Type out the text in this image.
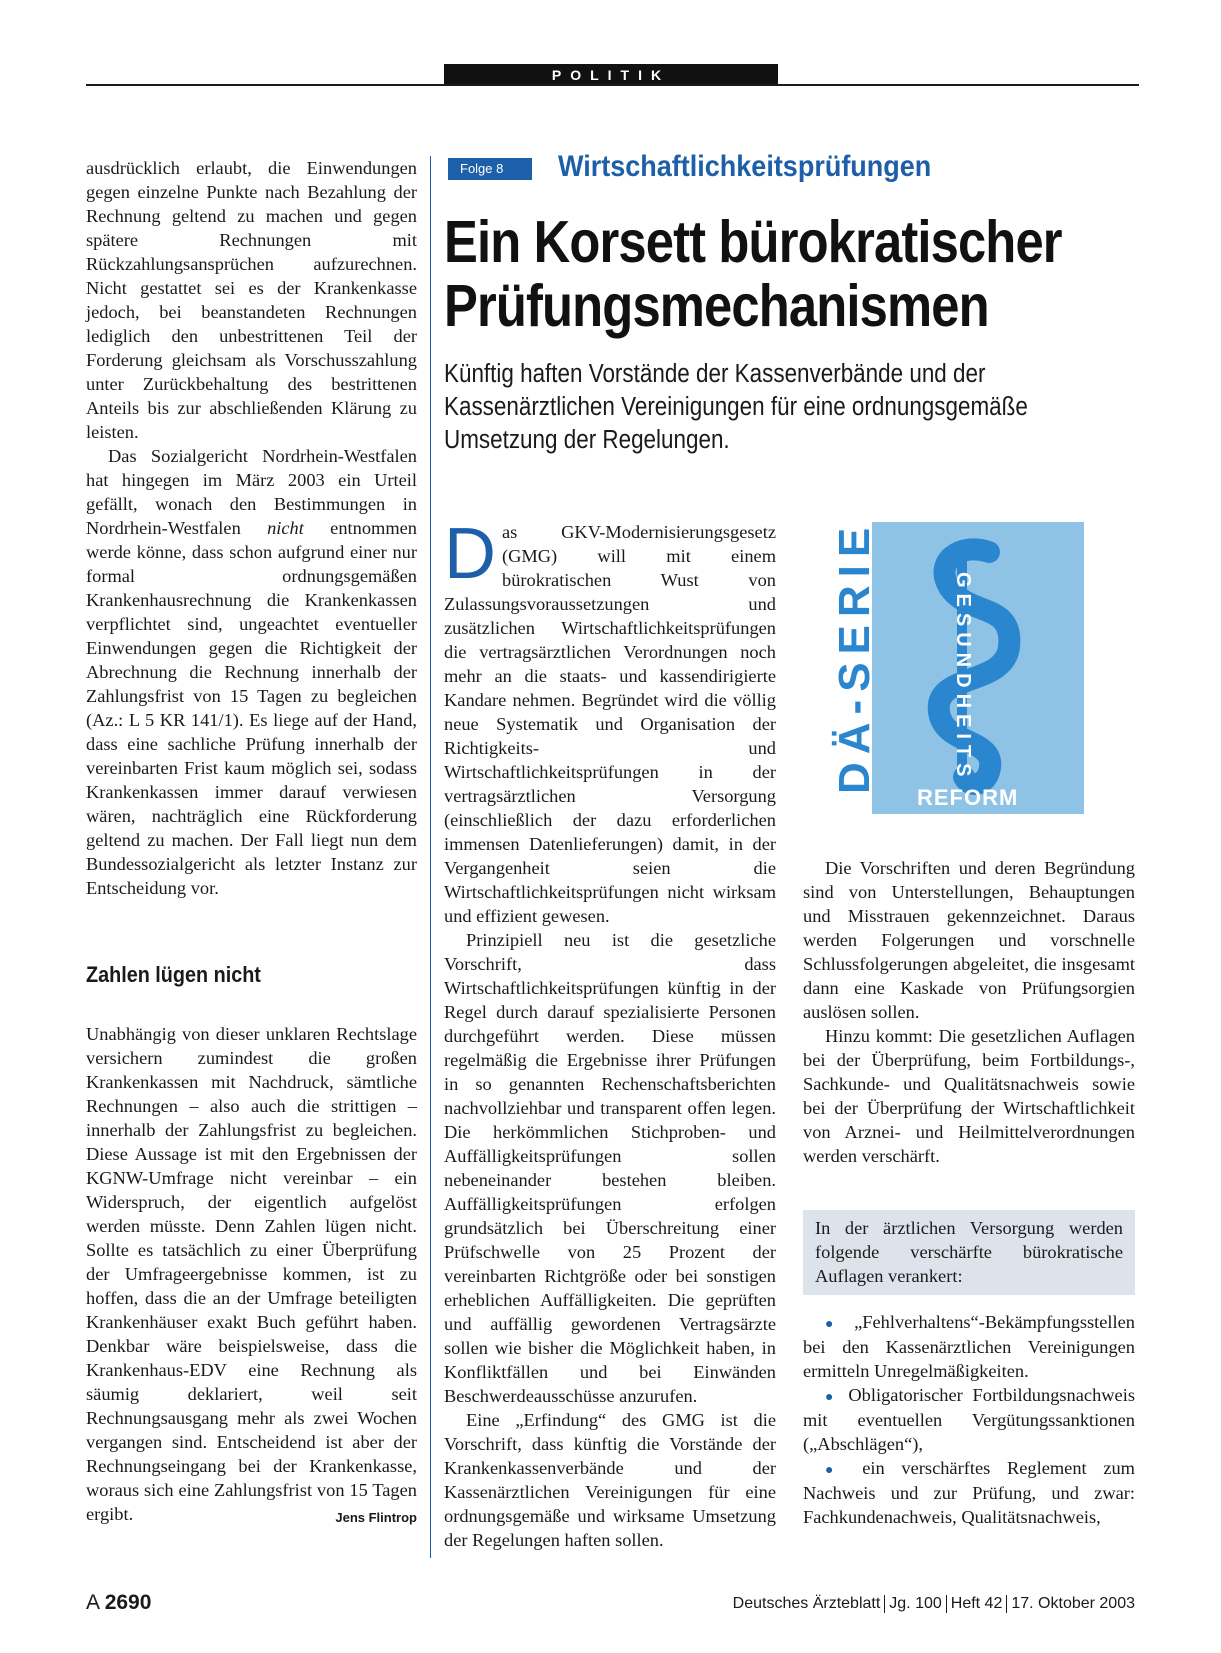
POLITIK

ausdrücklich erlaubt, die Einwendungen gegen einzelne Punkte nach Bezahlung der Rechnung geltend zu machen und gegen spätere Rechnungen mit Rückzahlungsansprüchen aufzurechnen. Nicht gestattet sei es der Krankenkasse jedoch, bei beanstandeten Rechnungen lediglich den unbestrittenen Teil der Forderung gleichsam als Vorschusszahlung unter Zurückbehaltung des bestrittenen Anteils bis zur abschließenden Klärung zu leisten.

Das Sozialgericht Nordrhein-Westfalen hat hingegen im März 2003 ein Urteil gefällt, wonach den Bestimmungen in Nordrhein-Westfalen nicht entnommen werde könne, dass schon aufgrund einer nur formal ordnungsgemäßen Krankenhausrechnung die Krankenkassen verpflichtet sind, ungeachtet eventueller Einwendungen gegen die Richtigkeit der Abrechnung die Rechnung innerhalb der Zahlungsfrist von 15 Tagen zu begleichen (Az.: L 5 KR 141/1). Es liege auf der Hand, dass eine sachliche Prüfung innerhalb der vereinbarten Frist kaum möglich sei, sodass Krankenkassen immer darauf verwiesen wären, nachträglich eine Rückforderung geltend zu machen. Der Fall liegt nun dem Bundessozialgericht als letzter Instanz zur Entscheidung vor.

Zahlen lügen nicht

Unabhängig von dieser unklaren Rechtslage versichern zumindest die großen Krankenkassen mit Nachdruck, sämtliche Rechnungen – also auch die strittigen – innerhalb der Zahlungsfrist zu begleichen. Diese Aussage ist mit den Ergebnissen der KGNW-Umfrage nicht vereinbar – ein Widerspruch, der eigentlich aufgelöst werden müsste. Denn Zahlen lügen nicht. Sollte es tatsächlich zu einer Überprüfung der Umfrageergebnisse kommen, ist zu hoffen, dass die an der Umfrage beteiligten Krankenhäuser exakt Buch geführt haben. Denkbar wäre beispielsweise, dass die Krankenhaus-EDV eine Rechnung als säumig deklariert, weil seit Rechnungsausgang mehr als zwei Wochen vergangen sind. Entscheidend ist aber der Rechnungseingang bei der Krankenkasse, woraus sich eine Zahlungsfrist von 15 Tagen ergibt.	Jens Flintrop

Folge 8	Wirtschaftlichkeitsprüfungen
Ein Korsett bürokratischer Prüfungsmechanismen
Künftig haften Vorstände der Kassenverbände und der Kassenärztlichen Vereinigungen für eine ordnungsgemäße Umsetzung der Regelungen.

Das GKV-Modernisierungsgesetz (GMG) will mit einem bürokratischen Wust von Zulassungsvoraussetzungen und zusätzlichen Wirtschaftlichkeitsprüfungen die vertragsärztlichen Verordnungen noch mehr an die staats- und kassendirigierte Kandare nehmen. Begründet wird die völlig neue Systematik und Organisation der Richtigkeits- und Wirtschaftlichkeitsprüfungen in der vertragsärztlichen Versorgung (einschließlich der dazu erforderlichen immensen Datenlieferungen) damit, in der Vergangenheit seien die Wirtschaftlichkeitsprüfungen nicht wirksam und effizient gewesen.

Prinzipiell neu ist die gesetzliche Vorschrift, dass Wirtschaftlichkeitsprüfungen künftig in der Regel durch darauf spezialisierte Personen durchgeführt werden. Diese müssen regelmäßig die Ergebnisse ihrer Prüfungen in so genannten Rechenschaftsberichten nachvollziehbar und transparent offen legen. Die herkömmlichen Stichproben- und Auffälligkeitsprüfungen sollen nebeneinander bestehen bleiben. Auffälligkeitsprüfungen erfolgen grundsätzlich bei Überschreitung einer Prüfschwelle von 25 Prozent der vereinbarten Richtgröße oder bei sonstigen erheblichen Auffälligkeiten. Die geprüften und auffällig gewordenen Vertragsärzte sollen wie bisher die Möglichkeit haben, in Konfliktfällen und bei Einwänden Beschwerdeausschüsse anzurufen.

Eine „Erfindung“ des GMG ist die Vorschrift, dass künftig die Vorstände der Krankenkassenverbände und der Kassenärztlichen Vereinigungen für eine ordnungsgemäße und wirksame Umsetzung der Regelungen haften sollen.

DÄ-SERIE	GESUNDHEITS
REFORM

Die Vorschriften und deren Begründung sind von Unterstellungen, Behauptungen und Misstrauen gekennzeichnet. Daraus werden Folgerungen und vorschnelle Schlussfolgerungen abgeleitet, die insgesamt dann eine Kaskade von Prüfungsorgien auslösen sollen.

Hinzu kommt: Die gesetzlichen Auflagen bei der Überprüfung, beim Fortbildungs-, Sachkunde- und Qualitätsnachweis sowie bei der Überprüfung der Wirtschaftlichkeit von Arznei- und Heilmittelverordnungen werden verschärft.

In der ärztlichen Versorgung werden folgende verschärfte bürokratische Auflagen verankert:

● „Fehlverhaltens“-Bekämpfungsstellen bei den Kassenärztlichen Vereinigungen ermitteln Unregelmäßigkeiten.

● Obligatorischer Fortbildungsnachweis mit eventuellen Vergütungssanktionen („Abschlägen“),

● ein verschärftes Reglement zum Nachweis und zur Prüfung, und zwar: Fachkundenachweis, Qualitätsnachweis,

A 2690	Deutsches Ärzteblatt Jg. 100 Heft 42 17. Oktober 2003
